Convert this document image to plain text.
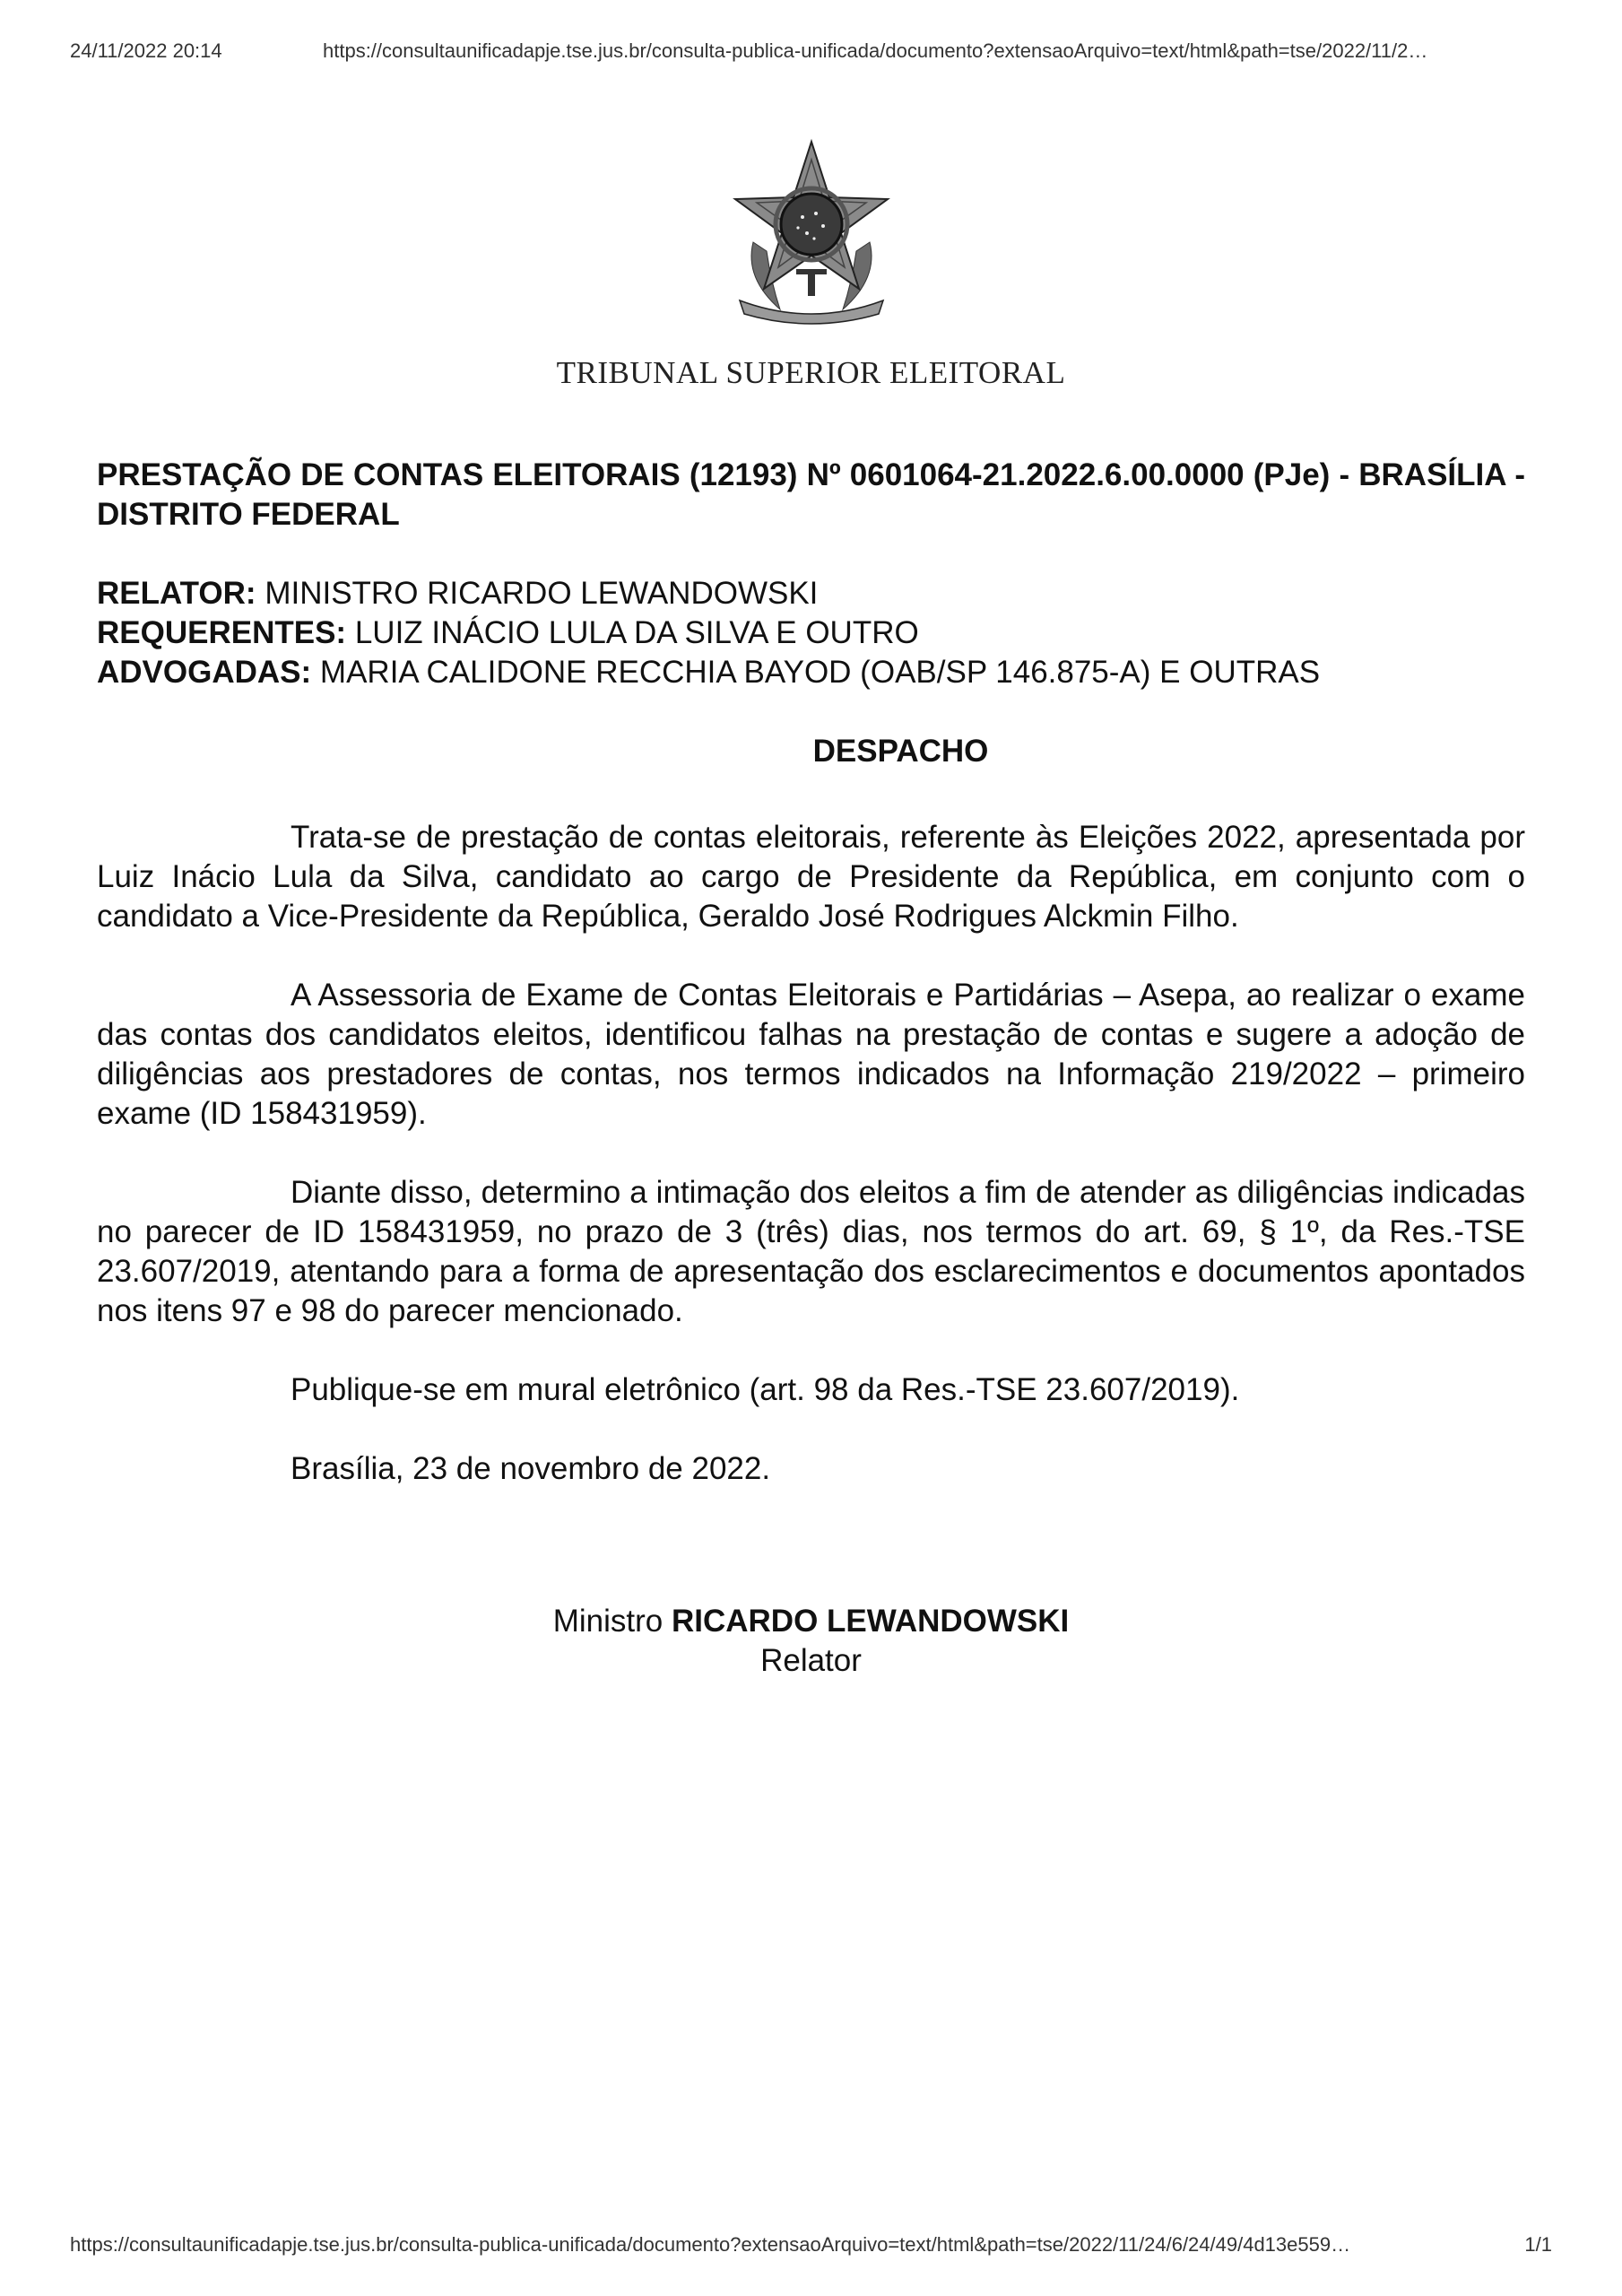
24/11/2022 20:14	https://consultaunificadapje.tse.jus.br/consulta-publica-unificada/documento?extensaoArquivo=text/html&path=tse/2022/11/2…
TRIBUNAL SUPERIOR ELEITORAL

PRESTAÇÃO DE CONTAS ELEITORAIS (12193) Nº 0601064-21.2022.6.00.0000 (PJe) - BRASÍLIA - DISTRITO FEDERAL

RELATOR: MINISTRO RICARDO LEWANDOWSKI
REQUERENTES: LUIZ INÁCIO LULA DA SILVA E OUTRO
ADVOGADAS: MARIA CALIDONE RECCHIA BAYOD (OAB/SP 146.875-A) E OUTRAS
DESPACHO

Trata-se de prestação de contas eleitorais, referente às Eleições 2022, apresentada por Luiz Inácio Lula da Silva, candidato ao cargo de Presidente da República, em conjunto com o candidato a Vice-Presidente da República, Geraldo José Rodrigues Alckmin Filho.

A Assessoria de Exame de Contas Eleitorais e Partidárias – Asepa, ao realizar o exame das contas dos candidatos eleitos, identificou falhas na prestação de contas e sugere a adoção de diligências aos prestadores de contas, nos termos indicados na Informação 219/2022 – primeiro exame (ID 158431959).

Diante disso, determino a intimação dos eleitos a fim de atender as diligências indicadas no parecer de ID 158431959, no prazo de 3 (três) dias, nos termos do art. 69, § 1º, da Res.-TSE 23.607/2019, atentando para a forma de apresentação dos esclarecimentos e documentos apontados nos itens 97 e 98 do parecer mencionado.

Publique-se em mural eletrônico (art. 98 da Res.-TSE 23.607/2019).

Brasília, 23 de novembro de 2022.

Ministro RICARDO LEWANDOWSKI
Relator
https://consultaunificadapje.tse.jus.br/consulta-publica-unificada/documento?extensaoArquivo=text/html&path=tse/2022/11/24/6/24/49/4d13e559…	1/1
